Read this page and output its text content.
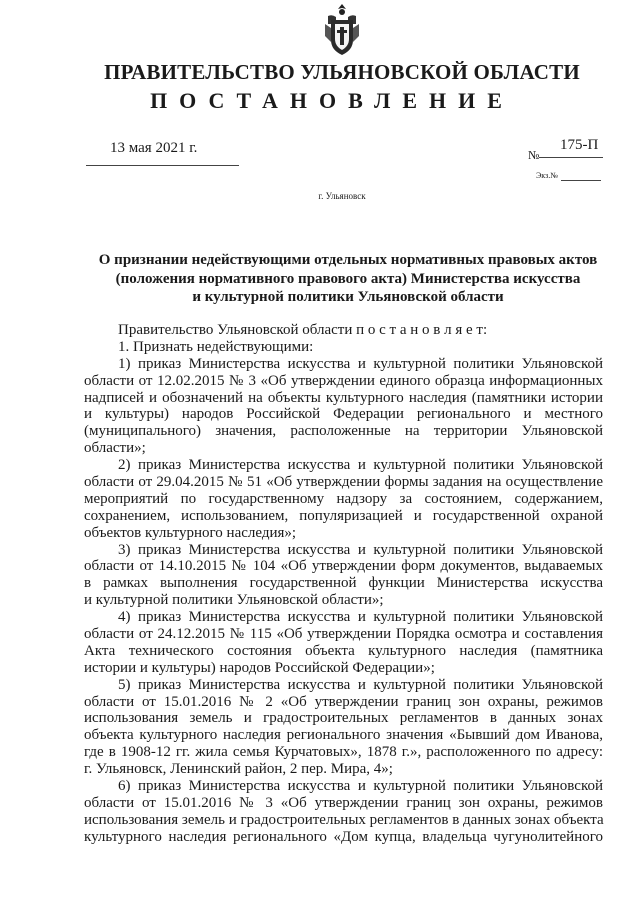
ПРАВИТЕЛЬСТВО УЛЬЯНОВСКОЙ ОБЛАСТИ
ПОСТАНОВЛЕНИЕ
13 мая 2021 г.	№
175-П
Экз.№
г. Ульяновск
О признании недействующими отдельных нормативных правовых актов
(положения нормативного правового акта) Министерства искусства
и культурной политики Ульяновской области
Правительство Ульяновской области п о с т а н о в л я е т:
1. Признать недействующими:
1) приказ Министерства искусства и культурной политики Ульяновской
области от 12.02.2015 № 3 «Об утверждении единого образца информационных
надписей и обозначений на объекты культурного наследия (памятники истории
и культуры) народов Российской Федерации регионального и местного
(муниципального) значения, расположенные на территории Ульяновской
области»;
2) приказ Министерства искусства и культурной политики Ульяновской
области от 29.04.2015 № 51 «Об утверждении формы задания на осуществление
мероприятий по государственному надзору за состоянием, содержанием,
сохранением, использованием, популяризацией и государственной охраной
объектов культурного наследия»;
3) приказ Министерства искусства и культурной политики Ульяновской
области от 14.10.2015 № 104 «Об утверждении форм документов, выдаваемых
в рамках выполнения государственной функции Министерства искусства
и культурной политики Ульяновской области»;
4) приказ Министерства искусства и культурной политики Ульяновской
области от 24.12.2015 № 115 «Об утверждении Порядка осмотра и составления
Акта технического состояния объекта культурного наследия (памятника
истории и культуры) народов Российской Федерации»;
5) приказ Министерства искусства и культурной политики Ульяновской
области от 15.01.2016 № 2 «Об утверждении границ зон охраны, режимов
использования земель и градостроительных регламентов в данных зонах
объекта культурного наследия регионального значения «Бывший дом Иванова,
где в 1908-12 гг. жила семья Курчатовых», 1878 г.», расположенного по адресу:
г. Ульяновск, Ленинский район, 2 пер. Мира, 4»;
6) приказ Министерства искусства и культурной политики Ульяновской
области от 15.01.2016 № 3 «Об утверждении границ зон охраны, режимов
использования земель и градостроительных регламентов в данных зонах объекта
культурного наследия регионального «Дом купца, владельца чугунолитейного
